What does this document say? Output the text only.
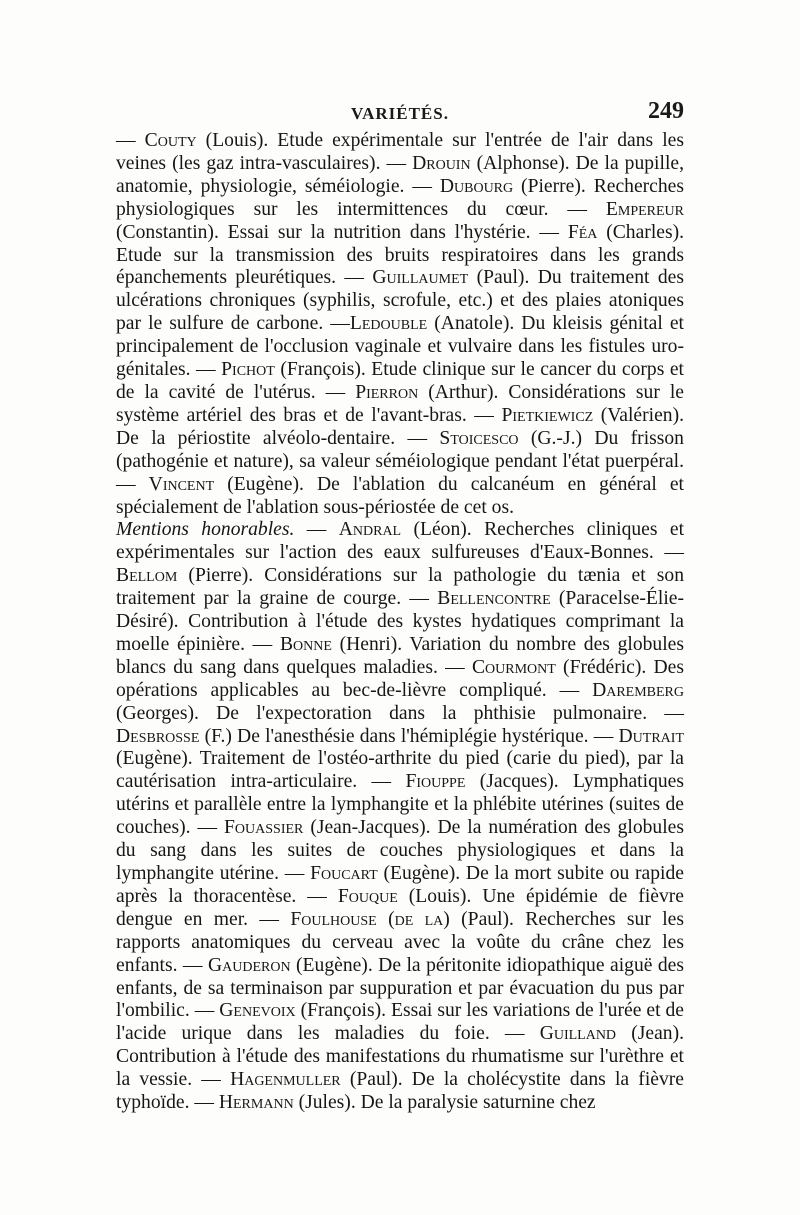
VARIÉTÉS.	249

— Couty (Louis). Etude expérimentale sur l'entrée de l'air dans les veines (les gaz intra-vasculaires). — Drouin (Alphonse). De la pupille, anatomie, physiologie, séméiologie. — Dubourg (Pierre). Recherches physiologiques sur les intermittences du cœur. — Empereur (Constantin). Essai sur la nutrition dans l'hystérie. — Féa (Charles). Etude sur la transmission des bruits respiratoires dans les grands épanchements pleurétiques. — Guillaumet (Paul). Du traitement des ulcérations chroniques (syphilis, scrofule, etc.) et des plaies atoniques par le sulfure de carbone. —Ledouble (Anatole). Du kleisis génital et principalement de l'occlusion vaginale et vulvaire dans les fistules uro-génitales. — Pichot (François). Etude clinique sur le cancer du corps et de la cavité de l'utérus. — Pierron (Arthur). Considérations sur le système artériel des bras et de l'avant-bras. — Pietkiewicz (Valérien). De la périostite alvéolo-dentaire. — Stoicesco (G.-J.) Du frisson (pathogénie et nature), sa valeur séméiologique pendant l'état puerpéral. — Vincent (Eugène). De l'ablation du calcanéum en général et spécialement de l'ablation sous-périostée de cet os.

Mentions honorables. — Andral (Léon). Recherches cliniques et expérimentales sur l'action des eaux sulfureuses d'Eaux-Bonnes. — Bellom (Pierre). Considérations sur la pathologie du tænia et son traitement par la graine de courge. — Bellencontre (Paracelse-Élie-Désiré). Contribution à l'étude des kystes hydatiques comprimant la moelle épinière. — Bonne (Henri). Variation du nombre des globules blancs du sang dans quelques maladies. — Courmont (Frédéric). Des opérations applicables au bec-de-lièvre compliqué. — Daremberg (Georges). De l'expectoration dans la phthisie pulmonaire. — Desbrosse (F.) De l'anesthésie dans l'hémiplégie hystérique. — Dutrait (Eugène). Traitement de l'ostéo-arthrite du pied (carie du pied), par la cautérisation intra-articulaire. — Fiouppe (Jacques). Lymphatiques utérins et parallèle entre la lymphangite et la phlébite utérines (suites de couches). — Fouassier (Jean-Jacques). De la numération des globules du sang dans les suites de couches physiologiques et dans la lymphangite utérine. — Foucart (Eugène). De la mort subite ou rapide après la thoracentèse. — Fouque (Louis). Une épidémie de fièvre dengue en mer. — Foulhouse (de la) (Paul). Recherches sur les rapports anatomiques du cerveau avec la voûte du crâne chez les enfants. — Gauderon (Eugène). De la péritonite idiopathique aiguë des enfants, de sa terminaison par suppuration et par évacuation du pus par l'ombilic. — Genevoix (François). Essai sur les variations de l'urée et de l'acide urique dans les maladies du foie. — Guilland (Jean). Contribution à l'étude des manifestations du rhumatisme sur l'urèthre et la vessie. — Hagenmuller (Paul). De la cholécystite dans la fièvre typhoïde. — Hermann (Jules). De la paralysie saturnine chez
